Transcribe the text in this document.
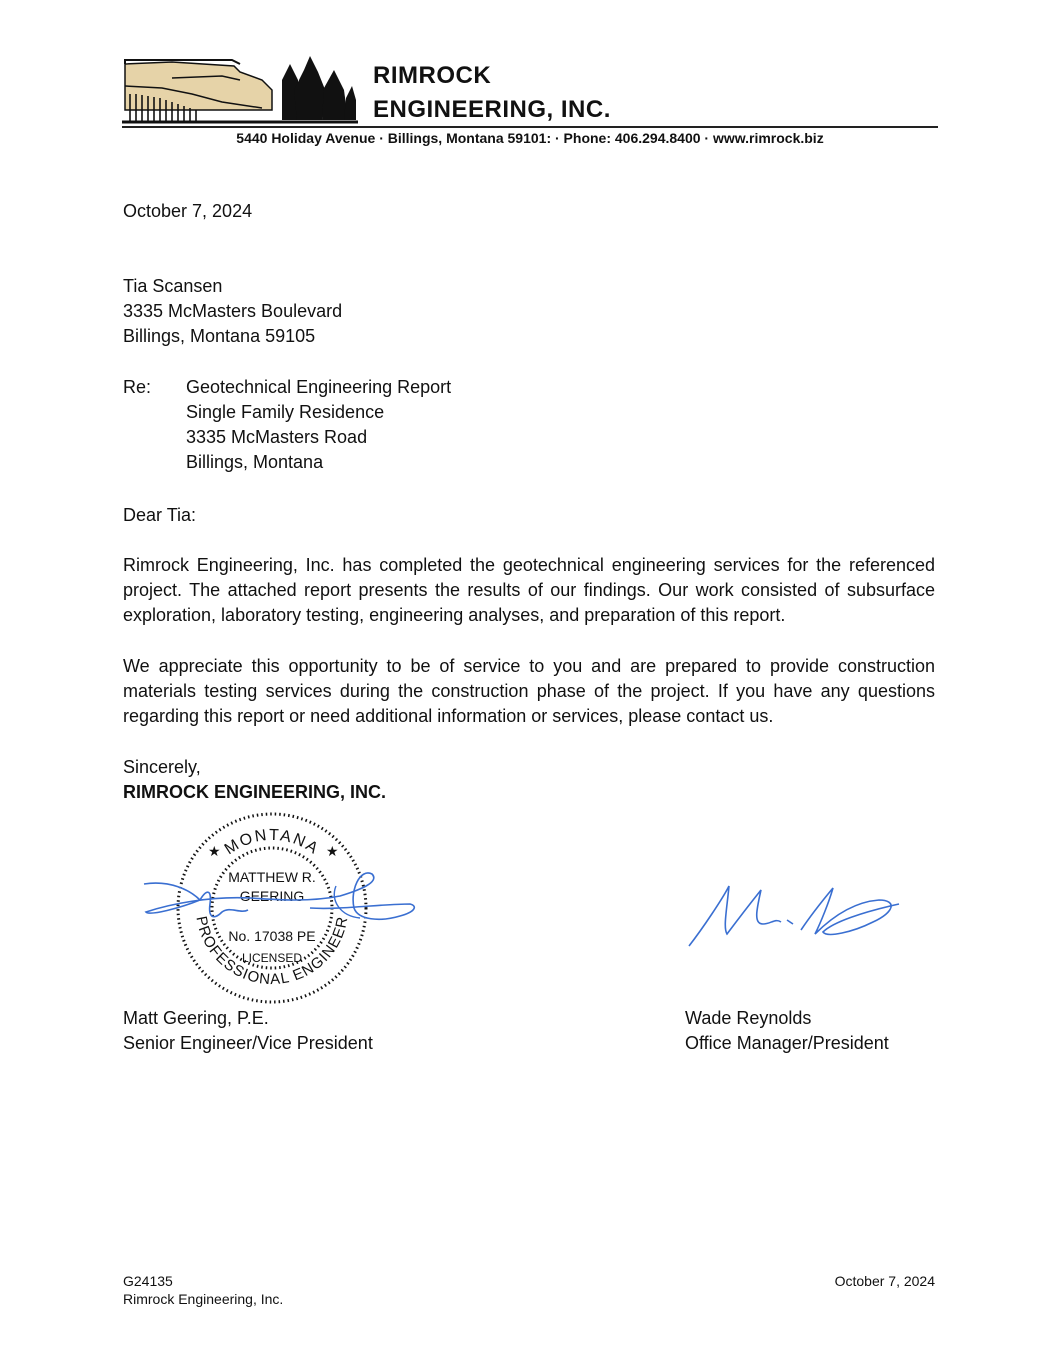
RIMROCK
ENGINEERING, INC.
5440 Holiday Avenue · Billings, Montana 59101: · Phone: 406.294.8400 · www.rimrock.biz
October 7, 2024
Tia Scansen
3335 McMasters Boulevard
Billings, Montana 59105
Re: Geotechnical Engineering Report
Single Family Residence
3335 McMasters Road
Billings, Montana
Dear Tia:
Rimrock Engineering, Inc. has completed the geotechnical engineering services for the referenced project. The attached report presents the results of our findings. Our work consisted of subsurface exploration, laboratory testing, engineering analyses, and preparation of this report.
We appreciate this opportunity to be of service to you and are prepared to provide construction materials testing services during the construction phase of the project. If you have any questions regarding this report or need additional information or services, please contact us.
Sincerely,
RIMROCK ENGINEERING, INC.
MONTANA
PROFESSIONAL ENGINEER
★	★
MATTHEW R.
GEERING
No. 17038 PE
LICENSED
Matt Geering, P.E.
Senior Engineer/Vice President
Wade Reynolds
Office Manager/President
G24135
Rimrock Engineering, Inc.
October 7, 2024
